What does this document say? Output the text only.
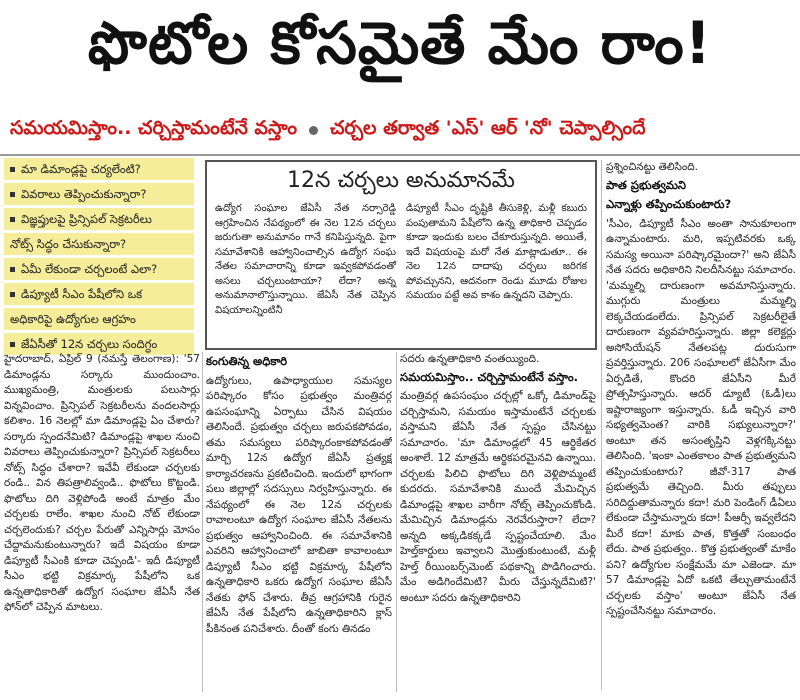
ఫొటోల కోసమైతే మేం రాం!
సమయమిస్తాం.. చర్చిస్తామంటేనే వస్తాం చర్చల తర్వాత 'ఎస్' ఆర్ 'నో' చెప్పాల్సిందే
మా డిమాండ్లపై చర్యలేంటి?
వివరాలు తెప్పించుకున్నారా?
విజ్ఞప్తులపై ప్రిన్సిపల్ సెక్రటరీలు
నోట్స్ సిద్ధం చేసుకున్నారా?
ఏమీ లేకుండా చర్చలంటే ఎలా?
డిప్యూటీ సీఎం పేషీలోని ఒక
అధికారిపై ఉద్యోగుల ఆగ్రహం
జేఏసీతో 12న చర్చలు సందిగ్ధం
12న చర్చలు అనుమానమే

ఉద్యోగ సంఘాల జేఏసీ నేత నర్సారెడ్డి ఆగ్రహించిన నేపథ్యంలో ఈ నెల 12న చర్చలు జరుగుతా అనుమానం గానే కనిపిస్తున్నది. పైగా సమావేశానికి ఆహ్వానించాల్సిన ఉద్యోగ సంఘ నేతల సమాచారాన్ని కూడా ఇవ్వకపోవడంతో అసలు చర్చలుంటాయా? లేదా? అన్న అనుమానాలొస్తున్నాయి. జేఏసీ నేత చెప్పిన విషయాలన్నింటినీ

డిప్యూటీ సీఎం దృష్టికి తీసుకెళ్లి, మళ్లీ కబురు పంపుతామని పేషీలోని ఉన్న తాధికారి చెప్పడం కూడా ఇందుకు బలం చేకూరుస్తున్నది. అయితే, ఇదే విషయంపై మరో నేత మాట్లాడుతూ.. ఈ నెల 12న దాదాపు చర్చలు జరిగక పోవచ్చునని, ఆదనంగా రెండు మూడు రోజుల సమయం పట్టే అవ కాశం ఉన్నదని చెప్పారు.

హైదరాబాద్, ఏప్రిల్ 9 (నమస్తే తెలంగాణ): '57 డిమాండ్లను సర్కారు ముందుంచాం. ముఖ్యమంత్రి, మంత్రులకు పలుసార్లు విన్నవించాం. ప్రిన్సిపల్ సెక్రటరీలను వందలసార్లు కలిశాం. 16 నెలల్లో మా డిమాండ్లపై ఏం చేశారు? సర్కారు స్పందనేమిటి? డిమాండ్లపై శాఖల నుంచి వివరాలు తెప్పించుకున్నారా? ప్రిన్సిపల్ సెక్రటరీలు నోట్స్ సిద్ధం చేశారా? ఇవేవీ లేకుండా చర్చలకు రండి.. విన తిపత్రాలివ్వండి.. ఫొటోలు కొట్టండి. ఫొటోలు దిగి వెళ్లిపోండి అంటే మాత్రం మేం చర్చలకు రాలేం. శాఖల నుంచి నోట్ లేకుండా చర్చలెందుకు? చర్చల పేరుతో ఎన్నిసార్లు మోసం చేద్దామనుకుంటున్నారు? ఇదే విషయం కూడా డిప్యూటీ సీఎంకి కూడా చెప్పండి'- ఇదీ డిప్యూటీ సీఎం భట్టి విక్రమార్క పేషీలోని ఒక ఉన్నతాధికారితో ఉద్యోగ సంఘాల జేఏసీ నేత ఫోన్‌లో చెప్పిన మాటలు.

కంగుతిన్న అధికారి

ఉద్యోగులు, ఉపాధ్యాయుల సమస్యల పరిష్కారం కోసం ప్రభుత్వం మంత్రివర్గ ఉపసంఘాన్ని ఏర్పాటు చేసిన విషయం తెలిసిందే. ప్రభుత్వం చర్చలు జరుపకపోవడం, తమ సమస్యలు పరిష్కారంకాకపోవడంతో మార్చి 12న ఉద్యోగ జేఏసీ ప్రత్యక్ష కార్యాచరణను ప్రకటించింది. ఇందులో భాగంగా పలు జిల్లాల్లో సదస్సులు నిర్వహిస్తున్నారు. ఈ నేపథ్యంలో ఈ నెల 12న చర్చలకు రావాలంటూ ఉద్యోగ సంఘాల జేఏసీ నేతలను ప్రభుత్వం ఆహ్వానించింది. ఈ సమావేశానికి ఎవరిని ఆహ్వానించాలో జాబితా కావాలంటూ డిప్యూటీ సీఎం భట్టి విక్రమార్క పేషీలోని ఉన్నతాధికారి ఒకరు ఉద్యోగ సంఘాల జేఏసీ నేతకు ఫోన్ చేశారు. తీవ్ర ఆగ్రహానికి గురైన జేఏసీ నేత పేషీలోని ఉన్నతాధికారిని క్లాస్ పీకినంత పనిచేశారు. దీంతో కంగు తినడం

సదరు ఉన్నతాధికారి వంతయ్యింది.

సమయమిస్తాం.. చర్చిస్తామంటేనే వస్తాం.

మంత్రివర్గ ఉపసంఘం చర్చల్లో ఒక్కో డిమాండ్‌పై చర్చిస్తామని, సమయం ఇస్తామంటేనే చర్చలకు వస్తామని జేఏసీ నేత స్పష్టం చేసినట్టు సమాచారం. 'మా డిమాండ్లలో 45 ఆర్థికేతర అంశాలే. 12 మాత్రమే ఆర్థికపరమైనవి ఉన్నాయి. చర్చలకు పిలిచి ఫొటోలు దిగి వెళ్లిపొమ్మంటే కుదరదు. సమావేశానికి ముందే మేమిచ్చిన డిమాండ్లపై శాఖల వారీగా నోట్స్ తెప్పించుకోండి. మేమిచ్చిన డిమాండ్లను నెరవేరుస్తారా? లేదా? అన్నది అక్కడికక్కడే స్పష్టంచేయాలి. మేం హెల్త్‌కార్డులు ఇవ్వాలని మొత్తుకుంటుంటే, మళ్లీ హెల్త్ రీయింబర్స్‌మెంట్ పథకాన్ని పొడిగించారు. మేం అడిగిందేమిటి? మీరు చేస్తున్నదేమిటి?' అంటూ సదరు ఉన్నతాధికారిని

ప్రశ్నించినట్టు తెలిసింది.

పాత ప్రభుత్వమని
ఎన్నాళ్లు తప్పించుకుంటారు?

'సీఎం, డిప్యూటీ సీఎం అంతా సానుకూలంగా ఉన్నామంటారు. మరి, ఇప్పటివరకు ఒక్క సమస్య అయినా పరిష్కారమైందా?' అని జేఏసీ నేత సదరు అధికారిని నిలదీసినట్టు సమాచారం. 'మమ్మల్ని దారుణంగా అవమానిస్తున్నారు. ముగ్గురు మంత్రులు మమ్మల్ని లెక్కచేయడంలేదు. ప్రిన్సిపల్ సెక్రటరీలైతే దారుణంగా వ్యవహరిస్తున్నారు. జిల్లా కలెక్టర్లు అసోసియేషన్ నేతలపట్ల దురుసుగా ప్రవర్తిస్తున్నారు. 206 సంఘాలలో జేఏసీగా మేం ఏర్పడితే, కొందరి జేఏసీని మీరే ప్రోత్సహిస్తున్నారు. ఆదర్ డ్యూటీ (ఓడీ)లు ఇష్టారాజ్యంగా ఇస్తున్నారు. ఓడీ ఇచ్చిన వారి సభ్యత్వమెంత? వారికి సభ్యులున్నారా?' అంటూ తన అసంతృప్తిని వెళ్లగక్కినట్టు తెలిసింది. 'ఇంకా ఎంతకాలం పాత ప్రభుత్వమని తప్పించుకుంటారు? జీవో-317 పాత ప్రభుత్వమే తెచ్చింది. మీరు తప్పులు సరిదిద్దుతామన్నారు కదా! మరి పెండింగ్ డీఏలు లేకుండా చేస్తామన్నారు కదా! పీఆర్సీ ఇవ్వలేదని మీరే కదా! మాకు పాత, కొత్తతో సంబంధం లేదు. పాత ప్రభుత్వం.. కొత్త ప్రభుత్వంతో మాకేం పని? ఉద్యోగుల సంక్షేమమే మా ఎజెండా. మా 57 డిమాండ్లపై ఏదో ఒకటి తేల్చుతామంటేనే చర్చలకు వస్తాం' అంటూ జేఏసీ నేత స్పష్టంచేసినట్టు సమాచారం.
